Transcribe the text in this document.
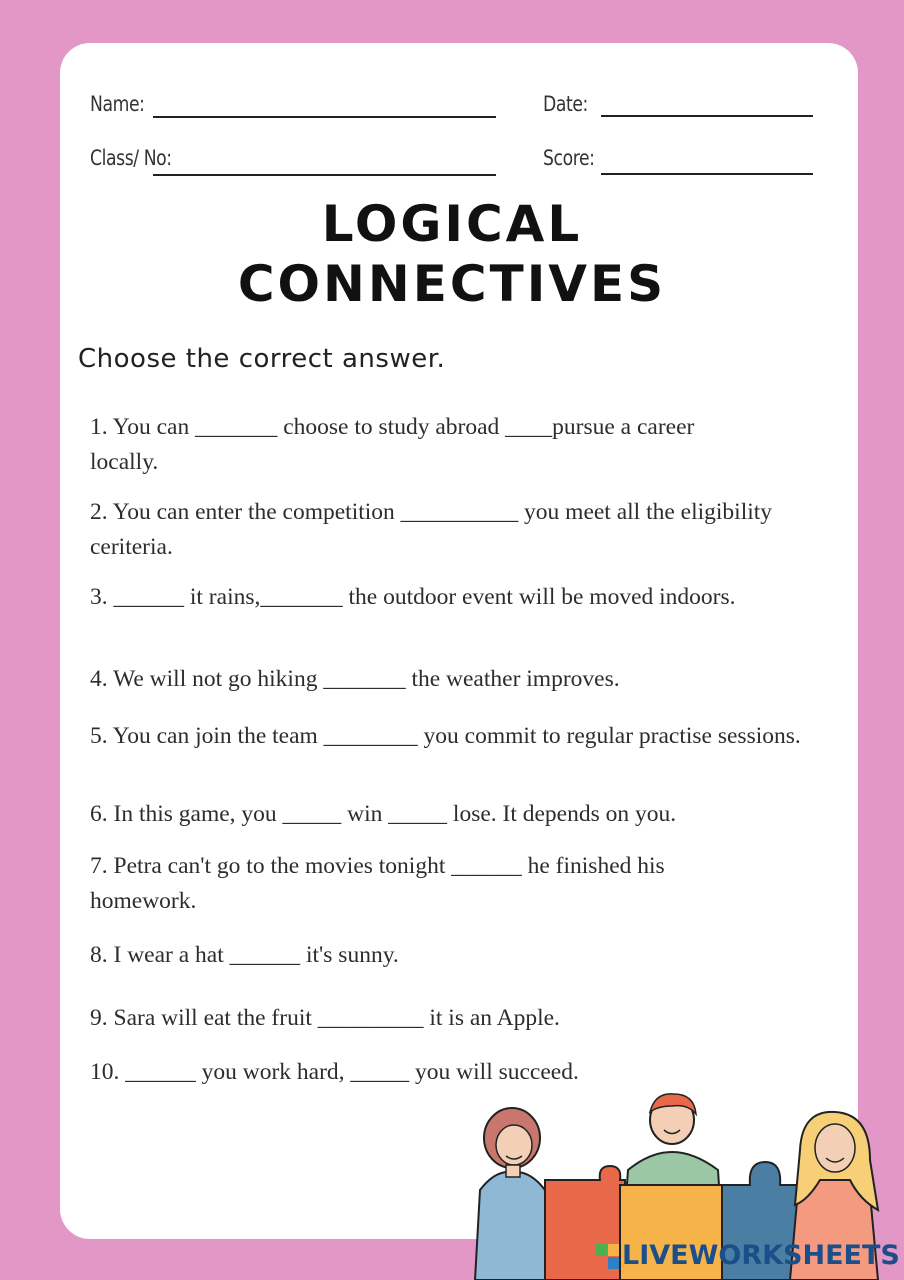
Name:	Date:
Class/ No:	Score:
LOGICAL
CONNECTIVES
Choose the correct answer.
1. You can _______ choose to study abroad ____pursue a career locally.
2. You can enter the competition __________ you meet all the eligibility ceriteria.
3. ______ it rains,_______ the outdoor event will be moved indoors.
4. We will not go hiking _______ the weather improves.
5. You can join the team ________ you commit to regular practise sessions.
6. In this game, you _____ win _____ lose. It depends on you.
7. Petra can't go to the movies tonight ______ he finished his homework.
8. I wear a hat ______ it's sunny.
9. Sara will eat the fruit _________ it is an Apple.
10. ______ you work hard, _____ you will succeed.
LIVEWORKSHEETS
